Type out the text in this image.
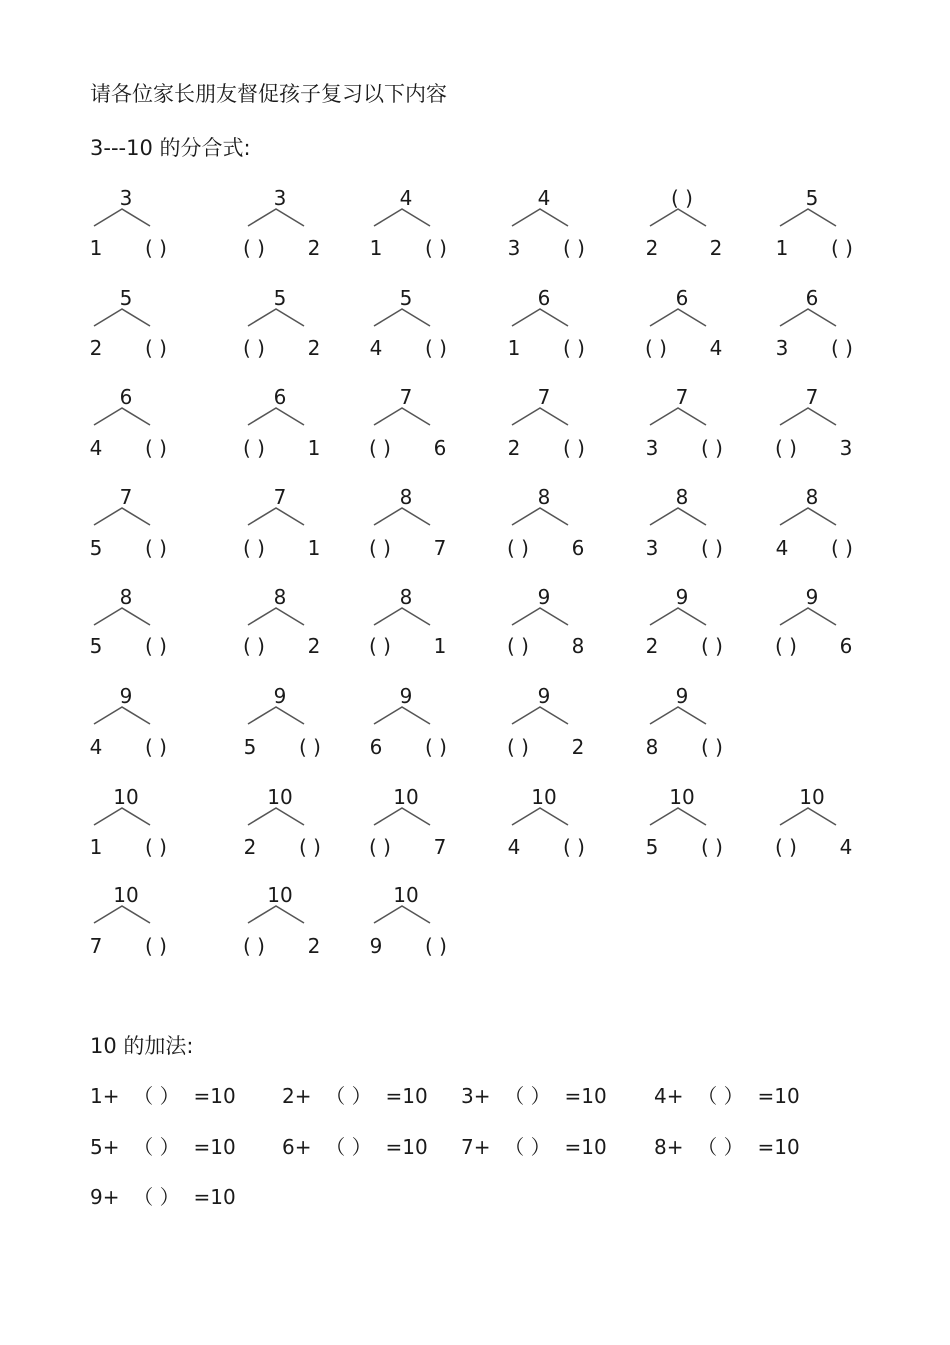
请各位家长朋友督促孩子复习以下内容
3---10 的分合式:
3
1 ( )
3
( ) 2
4
1 ( )
4
3 ( )
( )
2	2
5
1 ( )
5
2 ( )
5
( ) 2
5
4 ( )
6
1 ( )
6
( ) 4
6
3 ( )
6
4 ( )
6
( ) 1
7
( ) 6
7
2 ( )
7
3 ( )
7
( ) 3
7
5 ( )
7
( ) 1
8
( ) 7
8
( ) 6
8
3 ( )
8
4 ( )
8
5 ( )
8
( ) 2
8
( ) 1
9
( ) 8
9
2 ( )
9
( ) 6
9
4 ( )
9
5 ( )
9
6 ( )
9
( ) 2
9
8 ( )
10
1 ( )
10
2 ( )
10
( ) 7
10
4 ( )
10
5 ( )
10
( ) 4
10
7 ( )
10
( ) 2
10
9 ( )
10 的加法:
1+ （ ） =10 2+ （ ） =10 3+ （ ） =10 4+ （ ） =10
5+ （ ） =10 6+ （ ） =10 7+ （ ） =10 8+ （ ） =10
9+ （ ） =10
